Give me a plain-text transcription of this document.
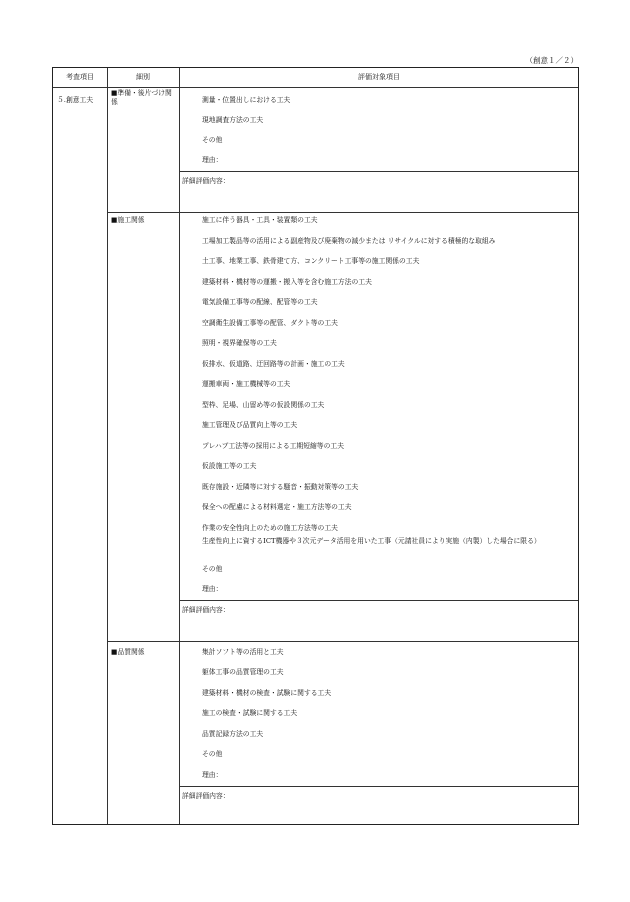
（創意１／２）
考査項目	細別	評価対象項目
５.創意工夫
■準備・後片づけ関係	測量・位置出しにおける工夫
現地調査方法の工夫
その他
理由：
詳細評価内容：
■施工関係	施工に伴う器具・工具・装置類の工夫
工場加工製品等の活用による副産物及び廃棄物の減少または リサイクルに対する積極的な取組み
土工事、地業工事、鉄骨建て方、コンクリート工事等の施工関係の工夫
建築材料・機材等の運搬・搬入等を含む施工方法の工夫
電気設備工事等の配線、配管等の工夫
空調衛生設備工事等の配管、ダクト等の工夫
照明・視界確保等の工夫
仮排水、仮道路、迂回路等の計画・施工の工夫
運搬車両・施工機械等の工夫
型枠、足場、山留め等の仮設関係の工夫
施工管理及び品質向上等の工夫
プレハブ工法等の採用による工期短縮等の工夫
仮設施工等の工夫
既存施設・近隣等に対する騒音・振動対策等の工夫
保全への配慮による材料選定・施工方法等の工夫
作業の安全性向上のための施工方法等の工夫
生産性向上に資するICT機器や３次元データ活用を用いた工事（元請社員により実施（内製）した場合に限る）
その他
理由：
詳細評価内容：
■品質関係	集計ソフト等の活用と工夫
躯体工事の品質管理の工夫
建築材料・機材の検査・試験に関する工夫
施工の検査・試験に関する工夫
品質記録方法の工夫
その他
理由：
詳細評価内容：
